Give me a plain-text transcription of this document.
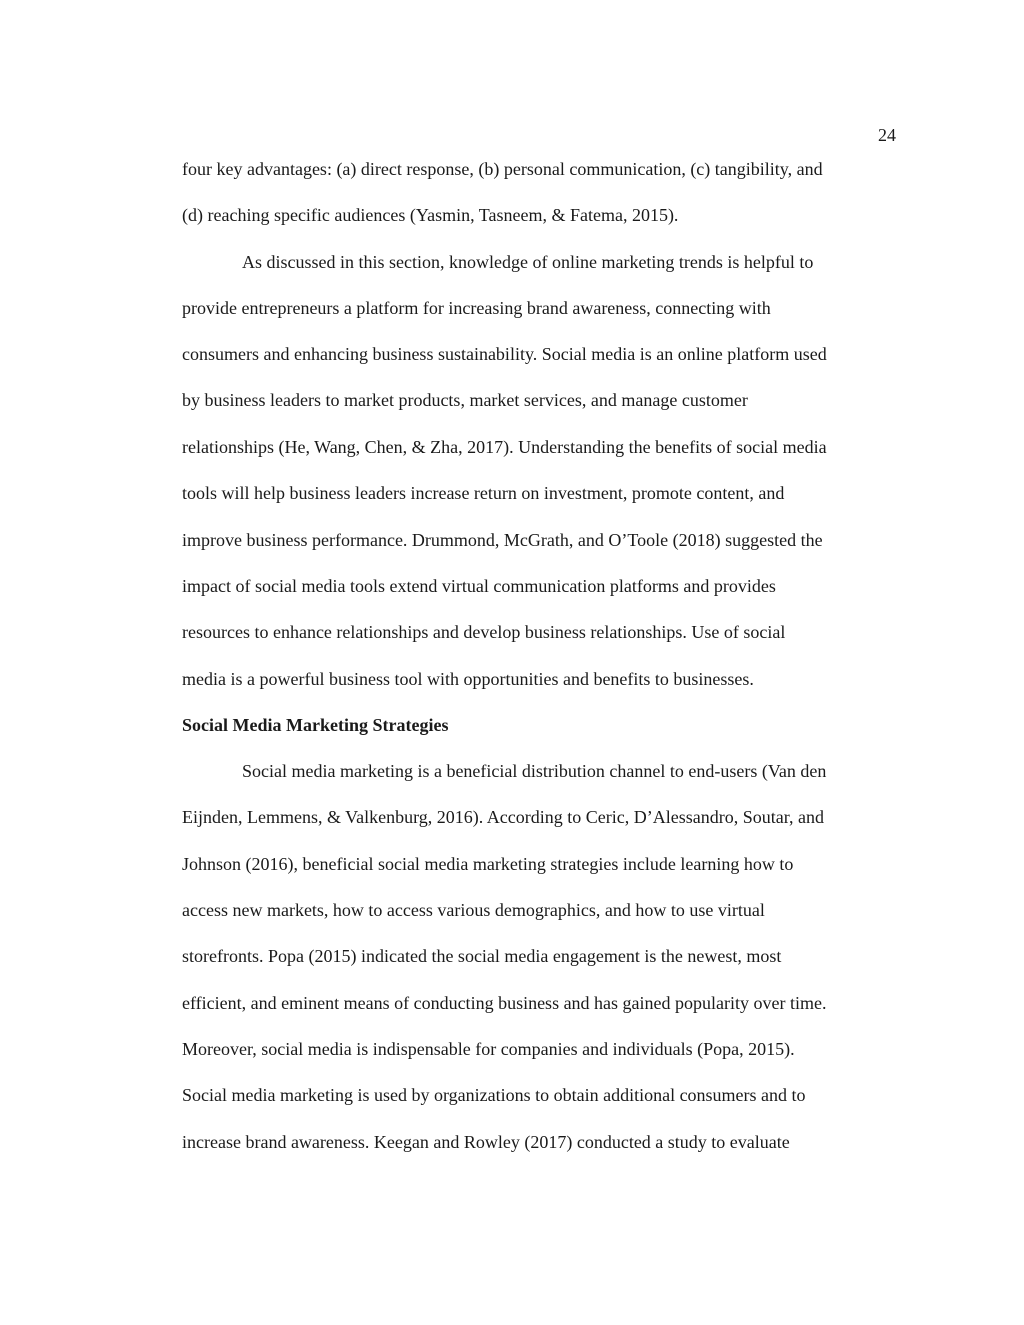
24
four key advantages: (a) direct response, (b) personal communication, (c) tangibility, and
(d) reaching specific audiences (Yasmin, Tasneem, & Fatema, 2015).
As discussed in this section, knowledge of online marketing trends is helpful to
provide entrepreneurs a platform for increasing brand awareness, connecting with
consumers and enhancing business sustainability. Social media is an online platform used
by business leaders to market products, market services, and manage customer
relationships (He, Wang, Chen, & Zha, 2017). Understanding the benefits of social media
tools will help business leaders increase return on investment, promote content, and
improve business performance. Drummond, McGrath, and O’Toole (2018) suggested the
impact of social media tools extend virtual communication platforms and provides
resources to enhance relationships and develop business relationships. Use of social
media is a powerful business tool with opportunities and benefits to businesses.
Social Media Marketing Strategies
Social media marketing is a beneficial distribution channel to end-users (Van den
Eijnden, Lemmens, & Valkenburg, 2016). According to Ceric, D’Alessandro, Soutar, and
Johnson (2016), beneficial social media marketing strategies include learning how to
access new markets, how to access various demographics, and how to use virtual
storefronts. Popa (2015) indicated the social media engagement is the newest, most
efficient, and eminent means of conducting business and has gained popularity over time.
Moreover, social media is indispensable for companies and individuals (Popa, 2015).
Social media marketing is used by organizations to obtain additional consumers and to
increase brand awareness. Keegan and Rowley (2017) conducted a study to evaluate
